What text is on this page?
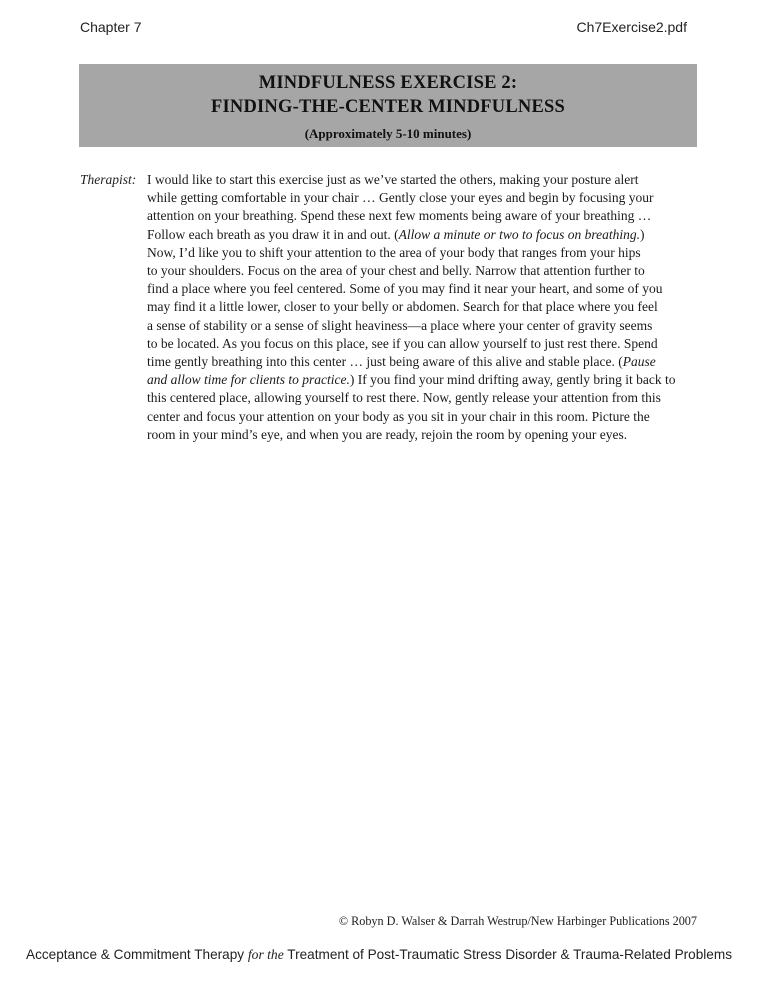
Chapter 7	Ch7Exercise2.pdf
MINDFULNESS EXERCISE 2:
FINDING-THE-CENTER MINDFULNESS
(Approximately 5-10 minutes)
Therapist: I would like to start this exercise just as we’ve started the others, making your posture alert
while getting comfortable in your chair … Gently close your eyes and begin by focusing your
attention on your breathing. Spend these next few moments being aware of your breathing …
Follow each breath as you draw it in and out. (Allow a minute or two to focus on breathing.)
Now, I’d like you to shift your attention to the area of your body that ranges from your hips
to your shoulders. Focus on the area of your chest and belly. Narrow that attention further to
find a place where you feel centered. Some of you may find it near your heart, and some of you
may find it a little lower, closer to your belly or abdomen. Search for that place where you feel
a sense of stability or a sense of slight heaviness—a place where your center of gravity seems
to be located. As you focus on this place, see if you can allow yourself to just rest there. Spend
time gently breathing into this center … just being aware of this alive and stable place. (Pause
and allow time for clients to practice.) If you find your mind drifting away, gently bring it back to
this centered place, allowing yourself to rest there. Now, gently release your attention from this
center and focus your attention on your body as you sit in your chair in this room. Picture the
room in your mind’s eye, and when you are ready, rejoin the room by opening your eyes.
© Robyn D. Walser & Darrah Westrup/New Harbinger Publications 2007
Acceptance & Commitment Therapy for the Treatment of Post-Traumatic Stress Disorder & Trauma-Related Problems
